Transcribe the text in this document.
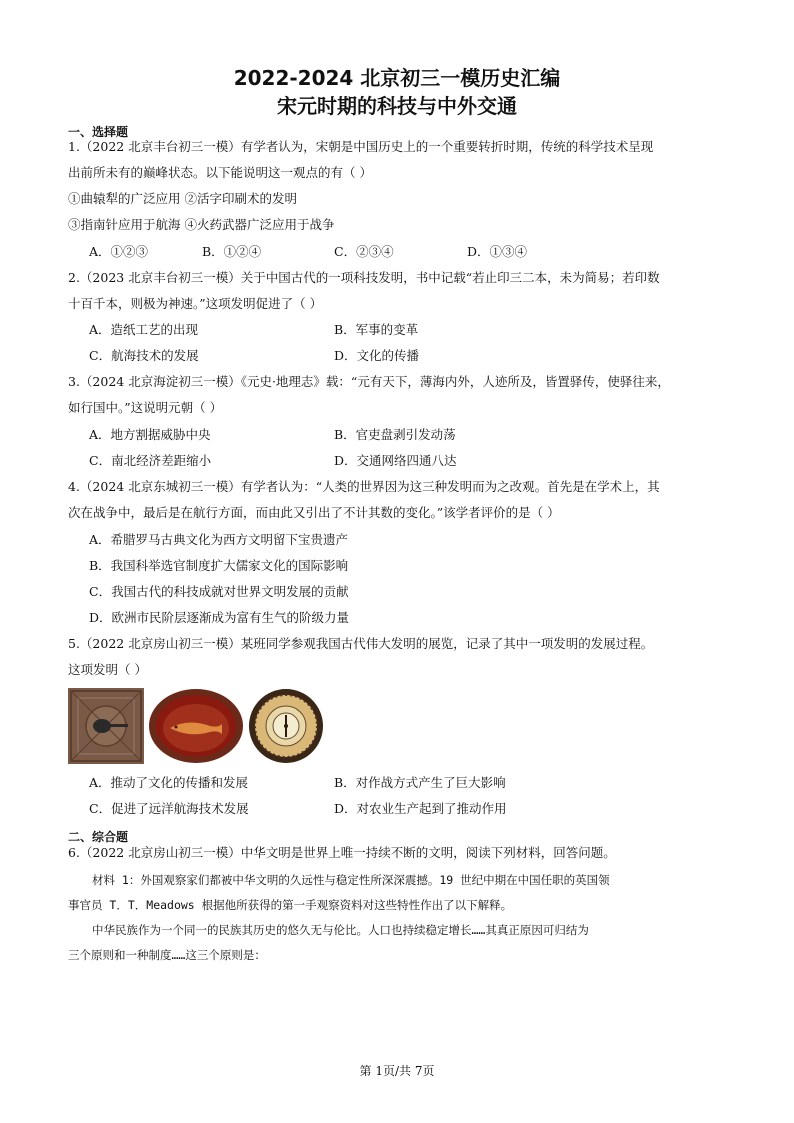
2022-2024 北京初三一模历史汇编
宋元时期的科技与中外交通
一、选择题
1.（2022 北京丰台初三一模）有学者认为，宋朝是中国历史上的一个重要转折时期，传统的科学技术呈现
出前所未有的巅峰状态。以下能说明这一观点的有（ ）
①曲辕犁的广泛应用 ②活字印刷术的发明
③指南针应用于航海 ④火药武器广泛应用于战争
A．①②③	B．①②④	C．②③④	D．①③④
2.（2023 北京丰台初三一模）关于中国古代的一项科技发明，书中记载“若止印三二本，未为简易；若印数
十百千本，则极为神速。”这项发明促进了（ ）
A．造纸工艺的出现	B．军事的变革
C．航海技术的发展	D．文化的传播
3.（2024 北京海淀初三一模）《元史·地理志》载：“元有天下，薄海内外，人迹所及，皆置驿传，使驿往来，
如行国中。”这说明元朝（ ）
A．地方割据威胁中央	B．官吏盘剥引发动荡
C．南北经济差距缩小	D．交通网络四通八达
4.（2024 北京东城初三一模）有学者认为：“人类的世界因为这三种发明而为之改观。首先是在学术上，其
次在战争中，最后是在航行方面，而由此又引出了不计其数的变化。”该学者评价的是（ ）
A．希腊罗马古典文化为西方文明留下宝贵遗产
B．我国科举选官制度扩大儒家文化的国际影响
C．我国古代的科技成就对世界文明发展的贡献
D．欧洲市民阶层逐渐成为富有生气的阶级力量
5.（2022 北京房山初三一模）某班同学参观我国古代伟大发明的展览，记录了其中一项发明的发展过程。
这项发明（ ）
A．推动了文化的传播和发展	B．对作战方式产生了巨大影响
C．促进了远洋航海技术发展	D．对农业生产起到了推动作用
二、综合题
6.（2022 北京房山初三一模）中华文明是世界上唯一持续不断的文明，阅读下列材料，回答问题。
材料 1：外国观察家们都被中华文明的久远性与稳定性所深深震撼。19 世纪中期在中国任职的英国领
事官员 T．T．Meadows 根据他所获得的第一手观察资料对这些特性作出了以下解释。
中华民族作为一个同一的民族其历史的悠久无与伦比。人口也持续稳定增长……其真正原因可归结为
三个原则和一种制度……这三个原则是：
第 1页/共 7页
